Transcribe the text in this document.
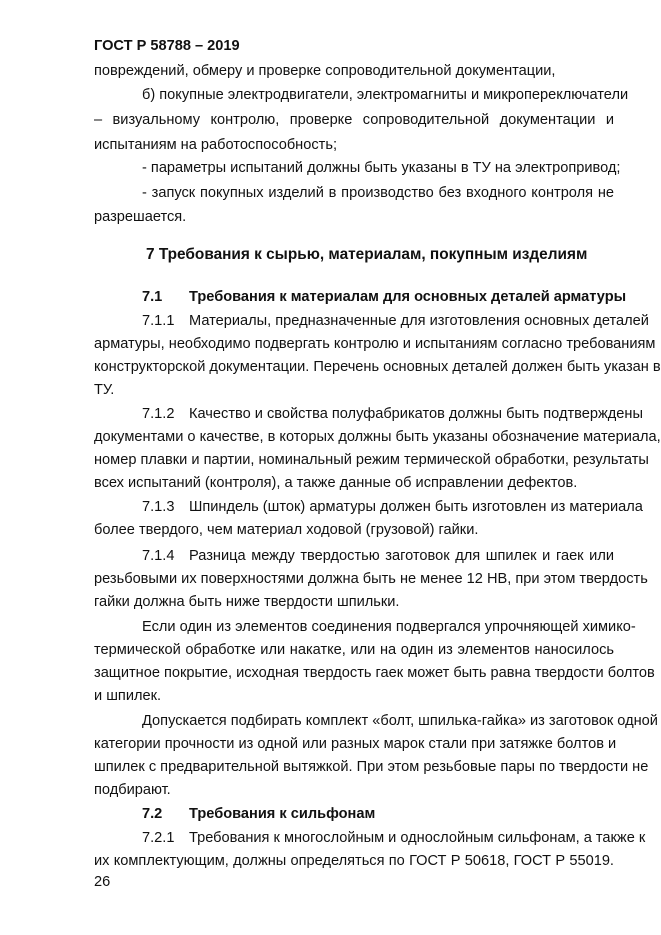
ГОСТ Р 58788 – 2019
повреждений, обмеру и проверке сопроводительной документации,
б) покупные электродвигатели, электромагниты и микропереключатели
– визуальному контролю, проверке сопроводительной документации и
испытаниям на работоспособность;
- параметры испытаний должны быть указаны в ТУ на электропривод;
- запуск покупных изделий в производство без входного контроля не
разрешается.
7 Требования к сырью, материалам, покупным изделиям
7.1	Требования к материалам для основных деталей арматуры
7.1.1 Материалы, предназначенные для изготовления основных деталей
арматуры, необходимо подвергать контролю и испытаниям согласно требованиям
конструкторской документации. Перечень основных деталей должен быть указан в
ТУ.
7.1.2 Качество и свойства полуфабрикатов должны быть подтверждены
документами о качестве, в которых должны быть указаны обозначение материала,
номер плавки и партии, номинальный режим термической обработки, результаты
всех испытаний (контроля), а также данные об исправлении дефектов.
7.1.3 Шпиндель (шток) арматуры должен быть изготовлен из материала
более твердого, чем материал ходовой (грузовой) гайки.
7.1.4 Разница между твердостью заготовок для шпилек и гаек или
резьбовыми их поверхностями должна быть не менее 12 HB, при этом твердость
гайки должна быть ниже твердости шпильки.
Если один из элементов соединения подвергался упрочняющей химико-
термической обработке или накатке, или на один из элементов наносилось
защитное покрытие, исходная твердость гаек может быть равна твердости болтов
и шпилек.
Допускается подбирать комплект «болт, шпилька-гайка» из заготовок одной
категории прочности из одной или разных марок стали при затяжке болтов и
шпилек с предварительной вытяжкой. При этом резьбовые пары по твердости не
подбирают.
7.2	Требования к сильфонам
7.2.1 Требования к многослойным и однослойным сильфонам, а также к
их комплектующим, должны определяться по ГОСТ Р 50618, ГОСТ Р 55019.
26
